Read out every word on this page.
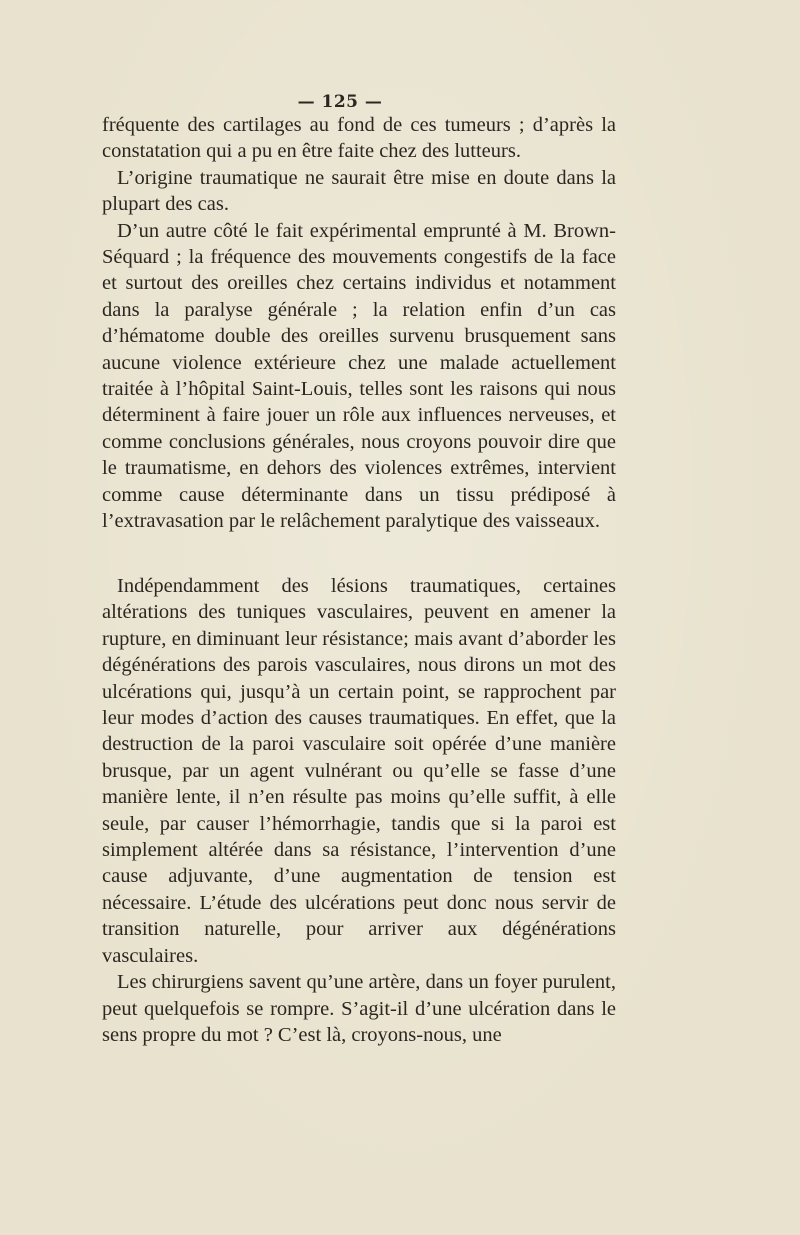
— 125 —

fréquente des cartilages au fond de ces tumeurs ; d’après la constatation qui a pu en être faite chez des lutteurs.

L’origine traumatique ne saurait être mise en doute dans la plupart des cas.

D’un autre côté le fait expérimental emprunté à M. Brown-Séquard ; la fréquence des mouvements congestifs de la face et surtout des oreilles chez certains individus et notamment dans la paralyse générale ; la relation enfin d’un cas d’hématome double des oreilles survenu brusquement sans aucune violence extérieure chez une malade actuellement traitée à l’hôpital Saint-Louis, telles sont les raisons qui nous déterminent à faire jouer un rôle aux influences nerveuses, et comme conclusions générales, nous croyons pouvoir dire que le traumatisme, en dehors des violences extrêmes, intervient comme cause déterminante dans un tissu prédiposé à l’extravasation par le relâchement paralytique des vaisseaux.

Indépendamment des lésions traumatiques, certaines altérations des tuniques vasculaires, peuvent en amener la rupture, en diminuant leur résistance; mais avant d’aborder les dégénérations des parois vasculaires, nous dirons un mot des ulcérations qui, jusqu’à un certain point, se rapprochent par leur modes d’action des causes traumatiques. En effet, que la destruction de la paroi vasculaire soit opérée d’une manière brusque, par un agent vulnérant ou qu’elle se fasse d’une manière lente, il n’en résulte pas moins qu’elle suffit, à elle seule, par causer l’hémorrhagie, tandis que si la paroi est simplement altérée dans sa résistance, l’intervention d’une cause adjuvante, d’une augmentation de tension est nécessaire. L’étude des ulcérations peut donc nous servir de transition naturelle, pour arriver aux dégénérations vasculaires.

Les chirurgiens savent qu’une artère, dans un foyer purulent, peut quelquefois se rompre. S’agit-il d’une ulcération dans le sens propre du mot ? C’est là, croyons-nous, une
